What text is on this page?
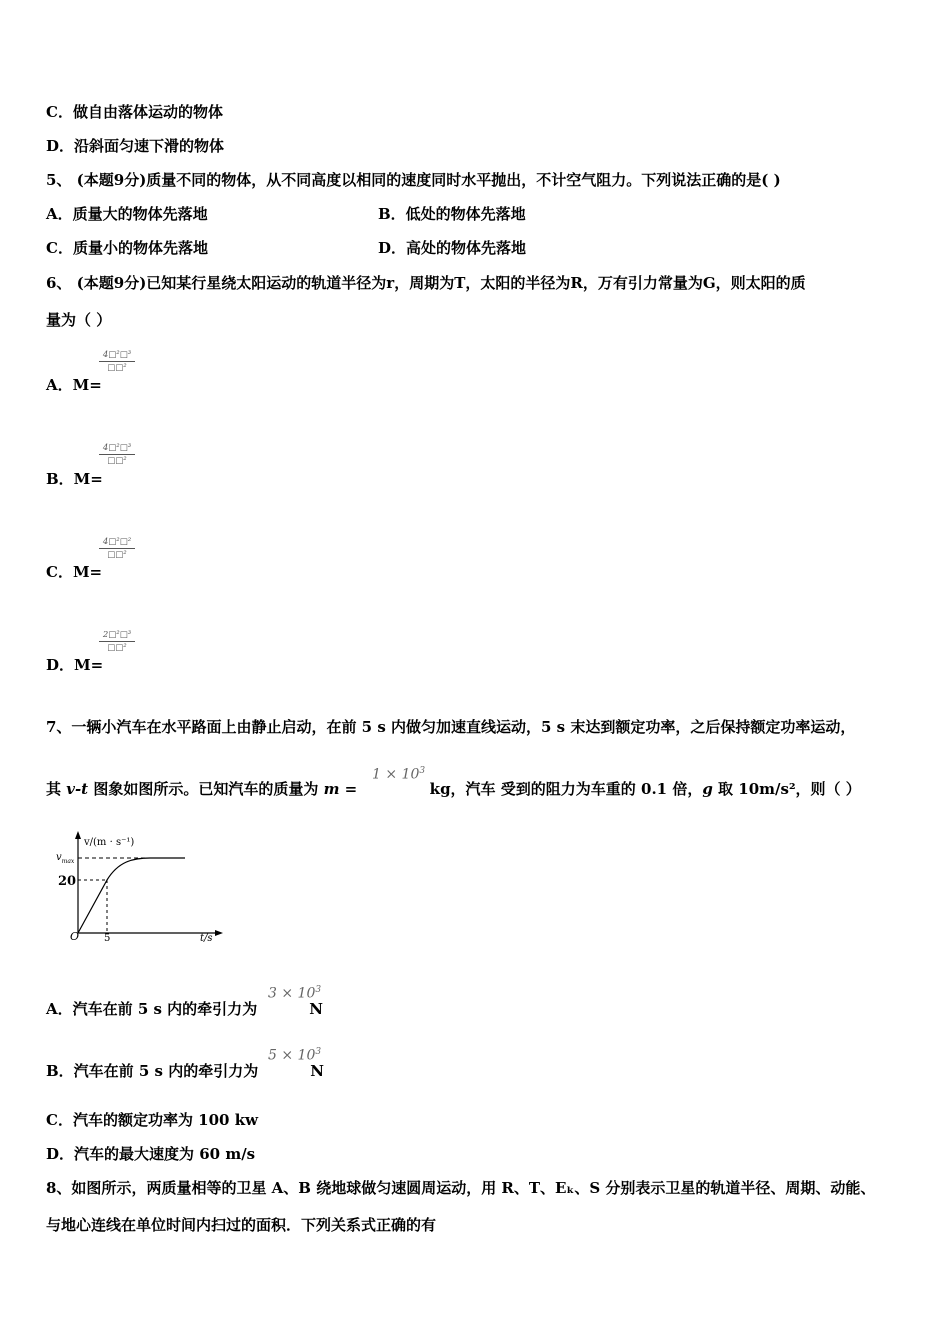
C．做自由落体运动的物体
D．沿斜面匀速下滑的物体
5、 (本题9分)质量不同的物体，从不同高度以相同的速度同时水平抛出，不计空气阻力。下列说法正确的是( )
A．质量大的物体先落地	B．低处的物体先落地
C．质量小的物体先落地	D．高处的物体先落地
6、 (本题9分)已知某行星绕太阳运动的轨道半径为r，周期为T，太阳的半径为R，万有引力常量为G，则太阳的质
量为（ ）
A．M=
4□²□³
□□²
B．M=
4□²□³
□□²
C．M=
4□²□²
□□²
D．M=
2□²□³
□□²
7、一辆小汽车在水平路面上由静止启动，在前 5 s 内做匀加速直线运动，5 s 末达到额定功率，之后保持额定功率运动，
其 v-t 图象如图所示。已知汽车的质量为 m =	kg，汽车 受到的阻力为车重的 0.1 倍，g 取 10m/s²，则（ ）
$1 \times 10^3$
v/(m · s⁻¹)
$v_{max}$
20
O 5	t/s
A．汽车在前 5 s 内的牵引力为	N
$3 \times 10^3$
B．汽车在前 5 s 内的牵引力为	N
$5 \times 10^3$
C．汽车的额定功率为 100 kw
D．汽车的最大速度为 60 m/s
8、如图所示，两质量相等的卫星 A、B 绕地球做匀速圆周运动，用 R、T、Eₖ、S 分别表示卫星的轨道半径、周期、动能、
与地心连线在单位时间内扫过的面积．下列关系式正确的有
